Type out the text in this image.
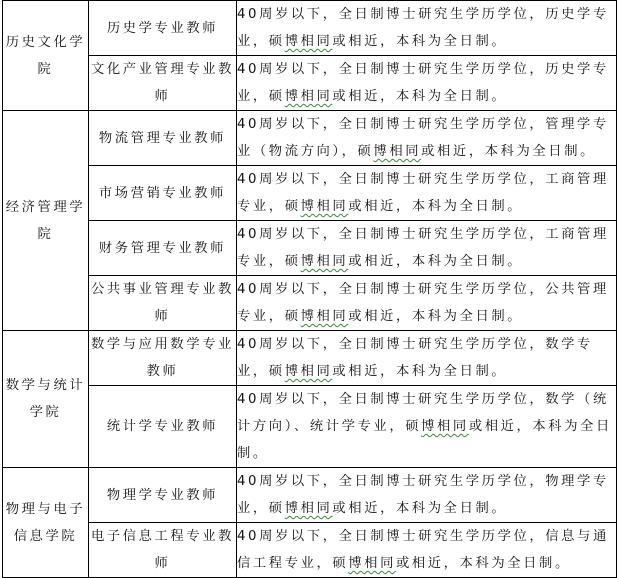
历史文化学院	历史学专业教师	40周岁以下，全日制博士研究生学历学位，历史学专业，硕博相同或相近，本科为全日制。
	文化产业管理专业教师	40周岁以下，全日制博士研究生学历学位，历史学专业，硕博相同或相近，本科为全日制。
经济管理学院	物流管理专业教师	40周岁以下，全日制博士研究生学历学位，管理学专业（物流方向），硕博相同或相近，本科为全日制。
	市场营销专业教师	40周岁以下，全日制博士研究生学历学位，工商管理专业，硕博相同或相近，本科为全日制。
	财务管理专业教师	40周岁以下，全日制博士研究生学历学位，工商管理专业，硕博相同或相近，本科为全日制。
	公共事业管理专业教师	40周岁以下，全日制博士研究生学历学位，公共管理专业，硕博相同或相近，本科为全日制。
数学与统计学院	数学与应用数学专业教师	40周岁以下，全日制博士研究生学历学位，数学专业，硕博相同或相近，本科为全日制。
	统计学专业教师	40周岁以下，全日制博士研究生学历学位，数学（统计方向）、统计学专业，硕博相同或相近，本科为全日制。
物理与电子信息学院	物理学专业教师	40周岁以下，全日制博士研究生学历学位，物理学专业，硕博相同或相近，本科为全日制。
	电子信息工程专业教师	40周岁以下，全日制博士研究生学历学位，信息与通信工程专业，硕博相同或相近，本科为全日制。
